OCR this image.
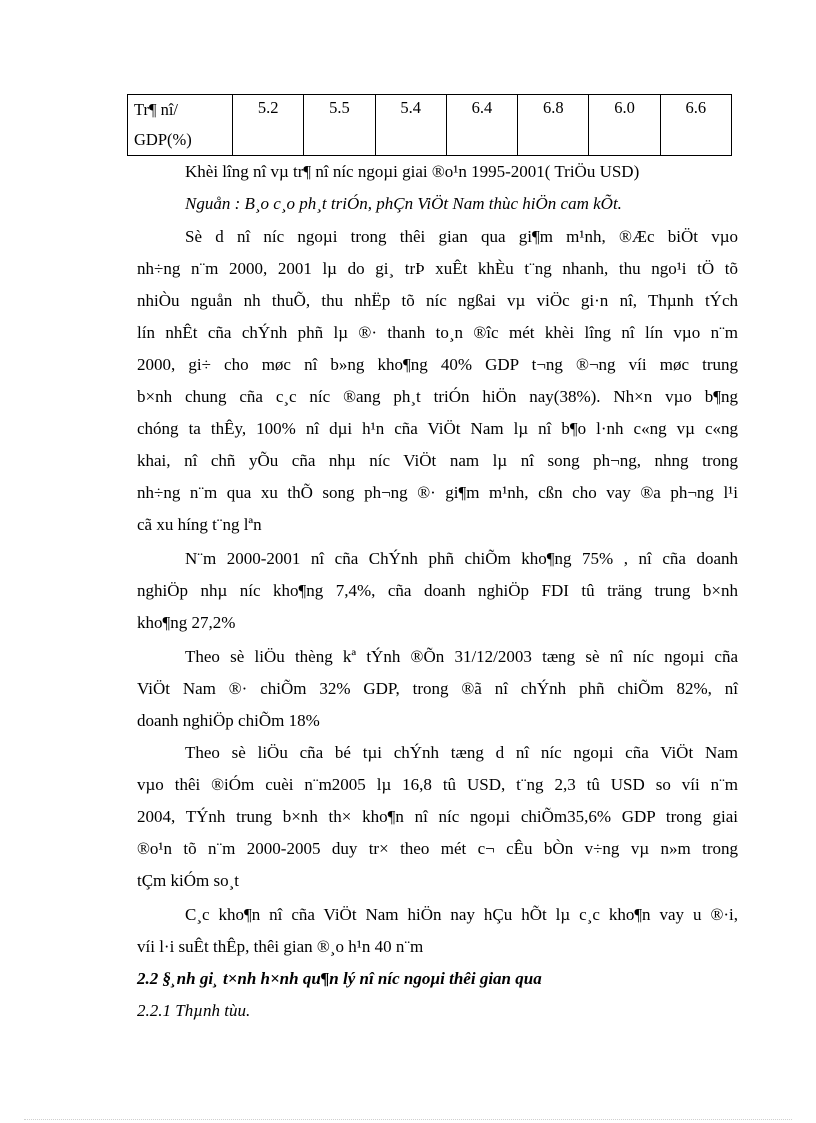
Tr¶ nî/
GDP(%)
	5.2	5.5	5.4	6.4	6.8	6.0	6.6
Khèi lîng nî vµ tr¶ nî níc ngoµi giai ®o¹n 1995-2001( TriÖu USD)
Nguån : B¸o c¸o ph¸t triÓn, phÇn ViÖt Nam thùc hiÖn cam kÕt.
Sè d nî níc ngoµi trong thêi gian qua gi¶m m¹nh, ®Æc biÖt vµo
nh÷ng n¨m 2000, 2001 lµ do gi¸ trÞ xuÊt khÈu t¨ng nhanh, thu ngo¹i tÖ tõ
nhiÒu nguån nh thuÕ, thu nhËp tõ níc ngßai vµ viÖc gi·n nî, Thµnh tÝch
lín nhÊt cña chÝnh phñ lµ ®· thanh to¸n ®îc mét khèi lîng nî lín vµo n¨m
2000, gi÷ cho møc nî b»ng kho¶ng 40% GDP t¬ng ®¬ng víi møc trung
b×nh chung cña c¸c níc ®ang ph¸t triÓn hiÖn nay(38%). Nh×n vµo b¶ng
chóng ta thÊy, 100% nî dµi h¹n cña ViÖt Nam lµ nî b¶o l·nh c«ng vµ c«ng
khai, nî chñ yÕu cña nhµ níc ViÖt nam lµ nî song ph¬ng, nhng trong
nh÷ng n¨m qua xu thÕ song ph¬ng ®· gi¶m m¹nh, cßn cho vay ®a ph¬ng l¹i
cã xu híng t¨ng lªn
N¨m 2000-2001 nî cña ChÝnh phñ chiÕm kho¶ng 75% , nî cña doanh
nghiÖp nhµ níc kho¶ng 7,4%, cña doanh nghiÖp FDI tû träng trung b×nh
kho¶ng 27,2%
Theo sè liÖu thèng kª tÝnh ®Õn 31/12/2003 tæng sè nî níc ngoµi cña
ViÖt Nam ®· chiÕm 32% GDP, trong ®ã nî chÝnh phñ chiÕm 82%, nî
doanh nghiÖp chiÕm 18%
Theo sè liÖu cña bé tµi chÝnh tæng d nî níc ngoµi cña ViÖt Nam
vµo thêi ®iÓm cuèi n¨m2005 lµ 16,8 tû USD, t¨ng 2,3 tû USD so víi n¨m
2004, TÝnh trung b×nh th× kho¶n nî níc ngoµi chiÕm35,6% GDP trong giai
®o¹n tõ n¨m 2000-2005 duy tr× theo mét c¬ cÊu bÒn v÷ng vµ n»m trong
tÇm kiÓm so¸t
C¸c kho¶n nî cña ViÖt Nam hiÖn nay hÇu hÕt lµ c¸c kho¶n vay u ®·i,
víi l·i suÊt thÊp, thêi gian ®¸o h¹n 40 n¨m
2.2 §¸nh gi¸ t×nh h×nh qu¶n lý nî níc ngoµi thêi gian qua
2.2.1 Thµnh tùu.
